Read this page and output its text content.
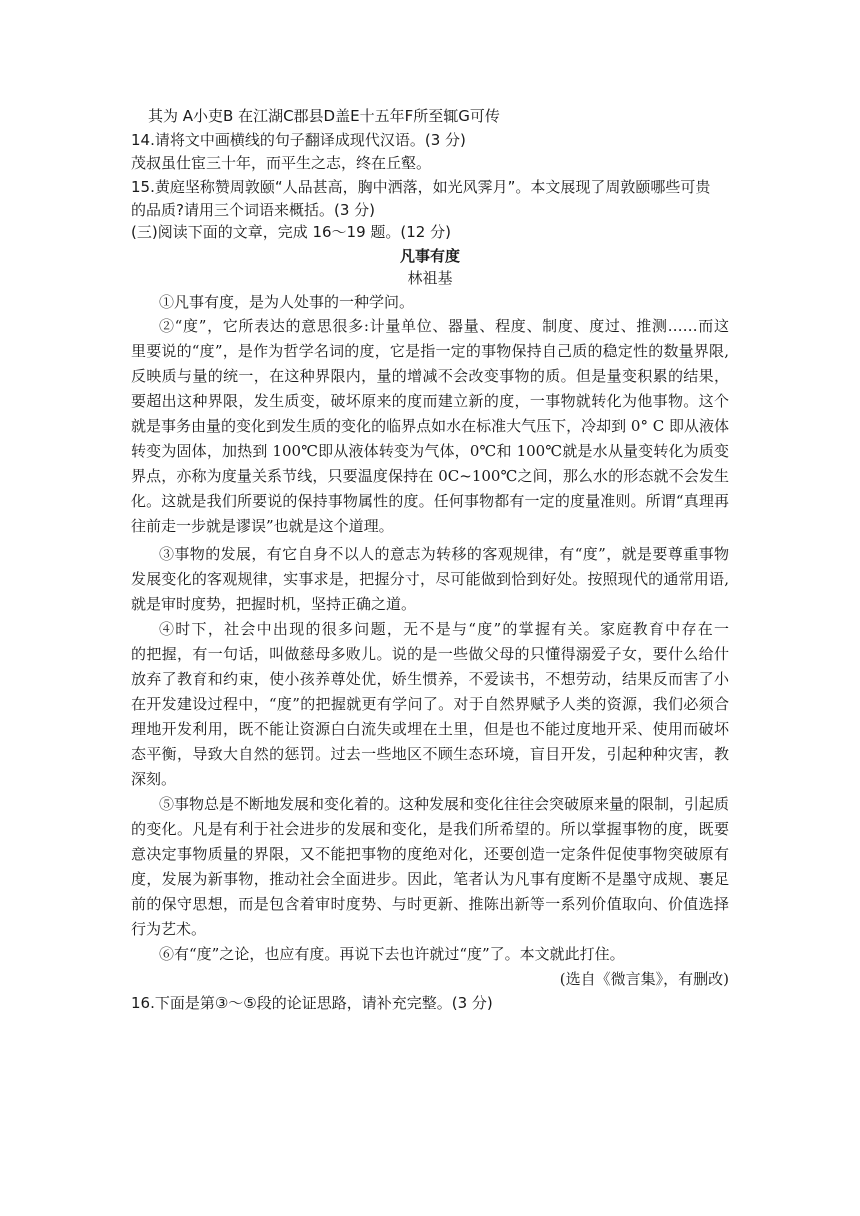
其为 A小吏B 在江湖C郡县D盖E十五年F所至辄G可传
14.请将文中画横线的句子翻译成现代汉语。(3 分)
茂叔虽仕宦三十年，而平生之志，终在丘壑。
15.黄庭坚称赞周敦颐“人品甚高，胸中洒落，如光风霁月”。本文展现了周敦颐哪些可贵
的品质?请用三个词语来概括。(3 分)
(三)阅读下面的文章，完成 16～19 题。(12 分)
凡事有度
林祖基
①凡事有度，是为人处事的一种学问。
②“度”，它所表达的意思很多:计量单位、器量、程度、制度、度过、推测……而这
里要说的“度”，是作为哲学名词的度，它是指一定的事物保持自己质的稳定性的数量界限,
反映质与量的统一，在这种界限内，量的增减不会改变事物的质。但是量变积累的结果，
要超出这种界限，发生质变，破坏原来的度而建立新的度，一事物就转化为他事物。这个
就是事务由量的变化到发生质的变化的临界点如水在标准大气压下，冷却到 0° C 即从液体
转变为固体，加热到 100℃即从液体转变为气体，0℃和 100℃就是水从量变转化为质变
界点，亦称为度量关系节线，只要温度保持在 0C~100℃之间，那么水的形态就不会发生
化。这就是我们所要说的保持事物属性的度。任何事物都有一定的度量准则。所谓“真理再
往前走一步就是谬误”也就是这个道理。
③事物的发展，有它自身不以人的意志为转移的客观规律，有“度”，就是要尊重事物
发展变化的客观规律，实事求是，把握分寸，尽可能做到恰到好处。按照现代的通常用语,
就是审时度势，把握时机，坚持正确之道。
④时下，社会中出现的很多问题，无不是与“度”的掌握有关。家庭教育中存在一
的把握，有一句话，叫做慈母多败儿。说的是一些做父母的只懂得溺爱子女，要什么给什
放弃了教育和约束，使小孩养尊处优，娇生惯养，不爱读书，不想劳动，结果反而害了小
在开发建设过程中，“度”的把握就更有学问了。对于自然界赋予人类的资源，我们必须合
理地开发利用，既不能让资源白白流失或埋在土里，但是也不能过度地开采、使用而破坏
态平衡，导致大自然的惩罚。过去一些地区不顾生态环境，盲目开发，引起种种灾害，教
深刻。
⑤事物总是不断地发展和变化着的。这种发展和变化往往会突破原来量的限制，引起质
的变化。凡是有利于社会进步的发展和变化，是我们所希望的。所以掌握事物的度，既要
意决定事物质量的界限，又不能把事物的度绝对化，还要创造一定条件促使事物突破原有
度，发展为新事物，推动社会全面进步。因此，笔者认为凡事有度断不是墨守成规、裹足
前的保守思想，而是包含着审时度势、与时更新、推陈出新等一系列价值取向、价值选择
行为艺术。
⑥有“度”之论，也应有度。再说下去也许就过“度”了。本文就此打住。
(选自《微言集》，有删改)
16.下面是第③～⑤段的论证思路，请补充完整。(3 分)
